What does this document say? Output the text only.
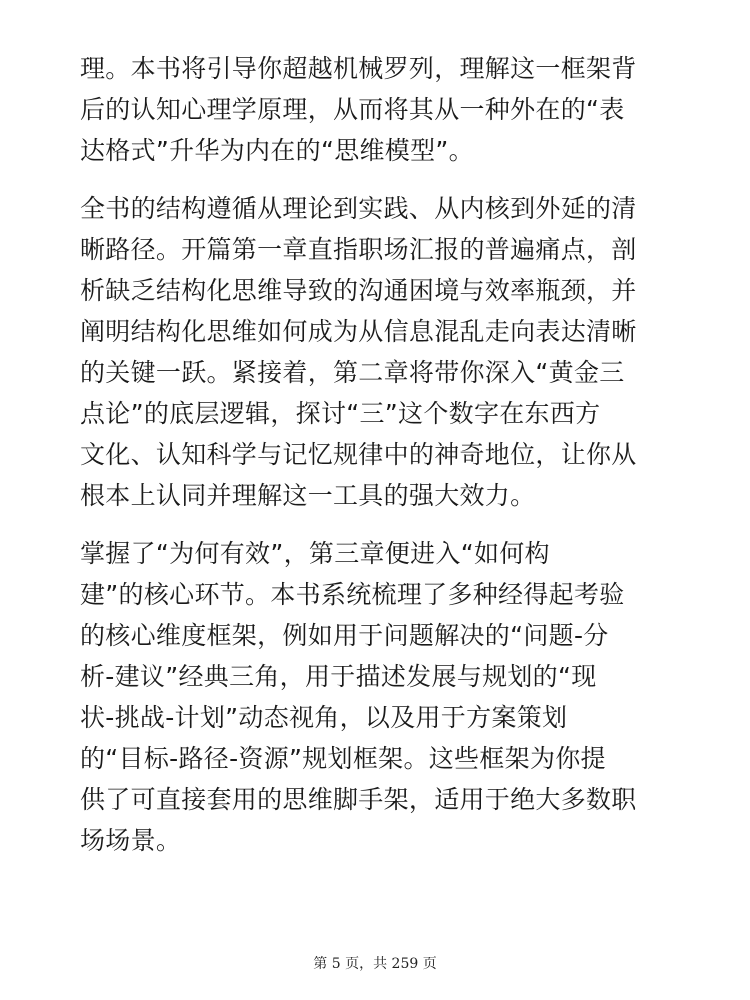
理。本书将引导你超越机械罗列，理解这一框架背
后的认知心理学原理，从而将其从一种外在的“表
达格式”升华为内在的“思维模型”。
全书的结构遵循从理论到实践、从内核到外延的清
晰路径。开篇第一章直指职场汇报的普遍痛点，剖
析缺乏结构化思维导致的沟通困境与效率瓶颈，并
阐明结构化思维如何成为从信息混乱走向表达清晰
的关键一跃。紧接着，第二章将带你深入“黄金三
点论”的底层逻辑，探讨“三”这个数字在东西方
文化、认知科学与记忆规律中的神奇地位，让你从
根本上认同并理解这一工具的强大效力。
掌握了“为何有效”，第三章便进入“如何构
建”的核心环节。本书系统梳理了多种经得起考验
的核心维度框架，例如用于问题解决的“问题-分
析-建议”经典三角，用于描述发展与规划的“现
状-挑战-计划”动态视角，以及用于方案策划
的“目标-路径-资源”规划框架。这些框架为你提
供了可直接套用的思维脚手架，适用于绝大多数职
场场景。
第 5 页，共 259 页
